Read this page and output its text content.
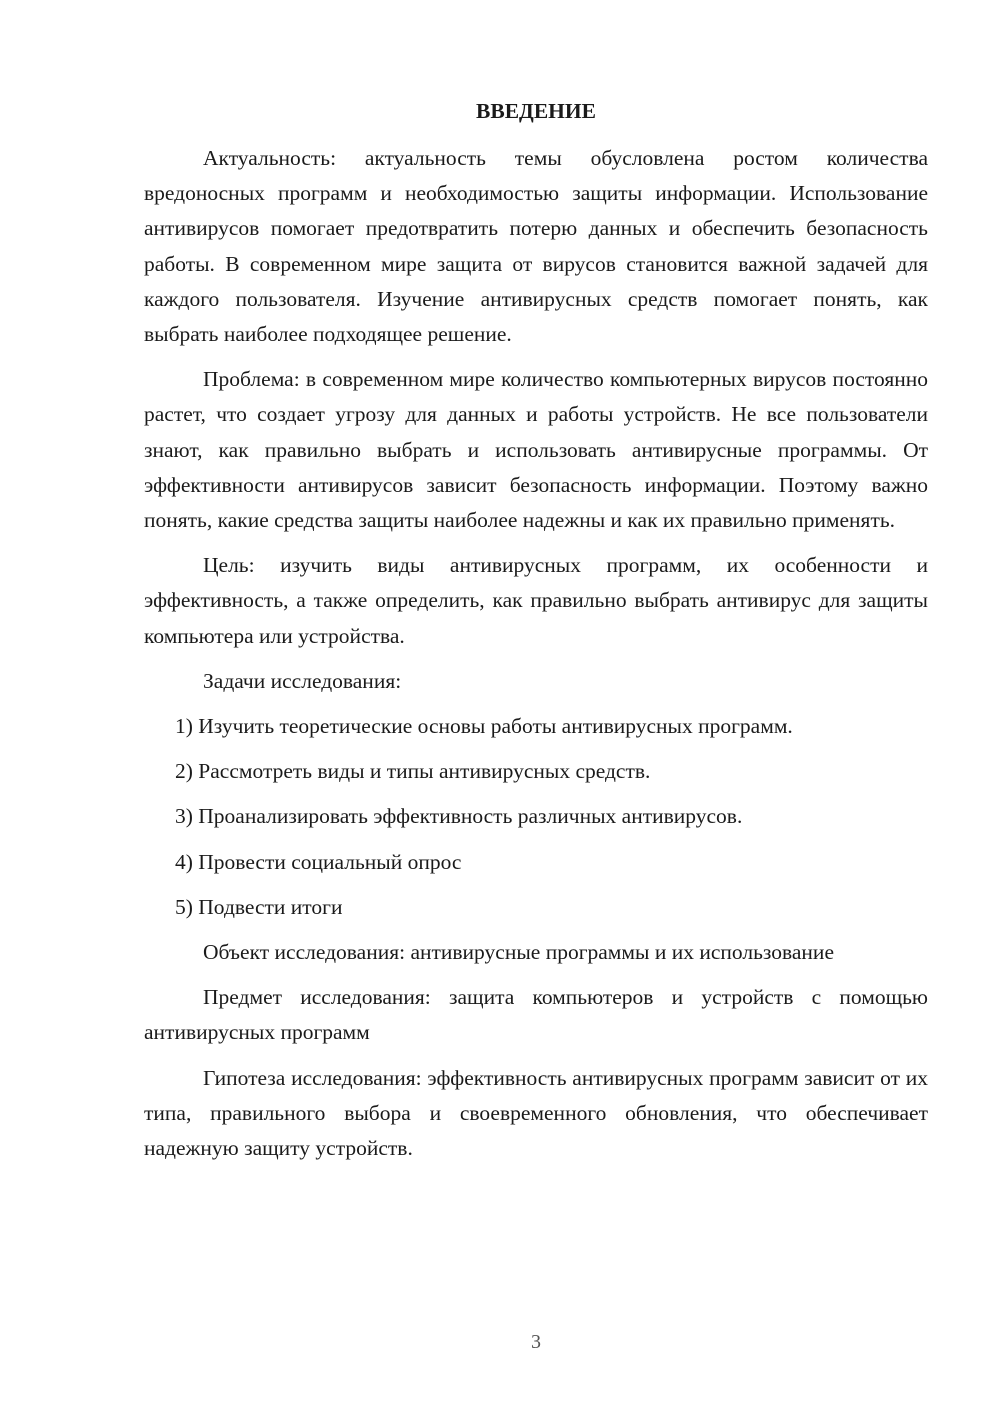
ВВЕДЕНИЕ

Актуальность: актуальность темы обусловлена ростом количества вредоносных программ и необходимостью защиты информации. Использование антивирусов помогает предотвратить потерю данных и обеспечить безопасность работы. В современном мире защита от вирусов становится важной задачей для каждого пользователя. Изучение антивирусных средств помогает понять, как выбрать наиболее подходящее решение.

Проблема: в современном мире количество компьютерных вирусов постоянно растет, что создает угрозу для данных и работы устройств. Не все пользователи знают, как правильно выбрать и использовать антивирусные программы. От эффективности антивирусов зависит безопасность информации. Поэтому важно понять, какие средства защиты наиболее надежны и как их правильно применять.

Цель: изучить виды антивирусных программ, их особенности и эффективность, а также определить, как правильно выбрать антивирус для защиты компьютера или устройства.

Задачи исследования:

1) Изучить теоретические основы работы антивирусных программ.
2) Рассмотреть виды и типы антивирусных средств.
3) Проанализировать эффективность различных антивирусов.
4) Провести социальный опрос
5) Подвести итоги

Объект исследования: антивирусные программы и их использование

Предмет исследования: защита компьютеров и устройств с помощью антивирусных программ

Гипотеза исследования: эффективность антивирусных программ зависит от их типа, правильного выбора и своевременного обновления, что обеспечивает надежную защиту устройств.

3
